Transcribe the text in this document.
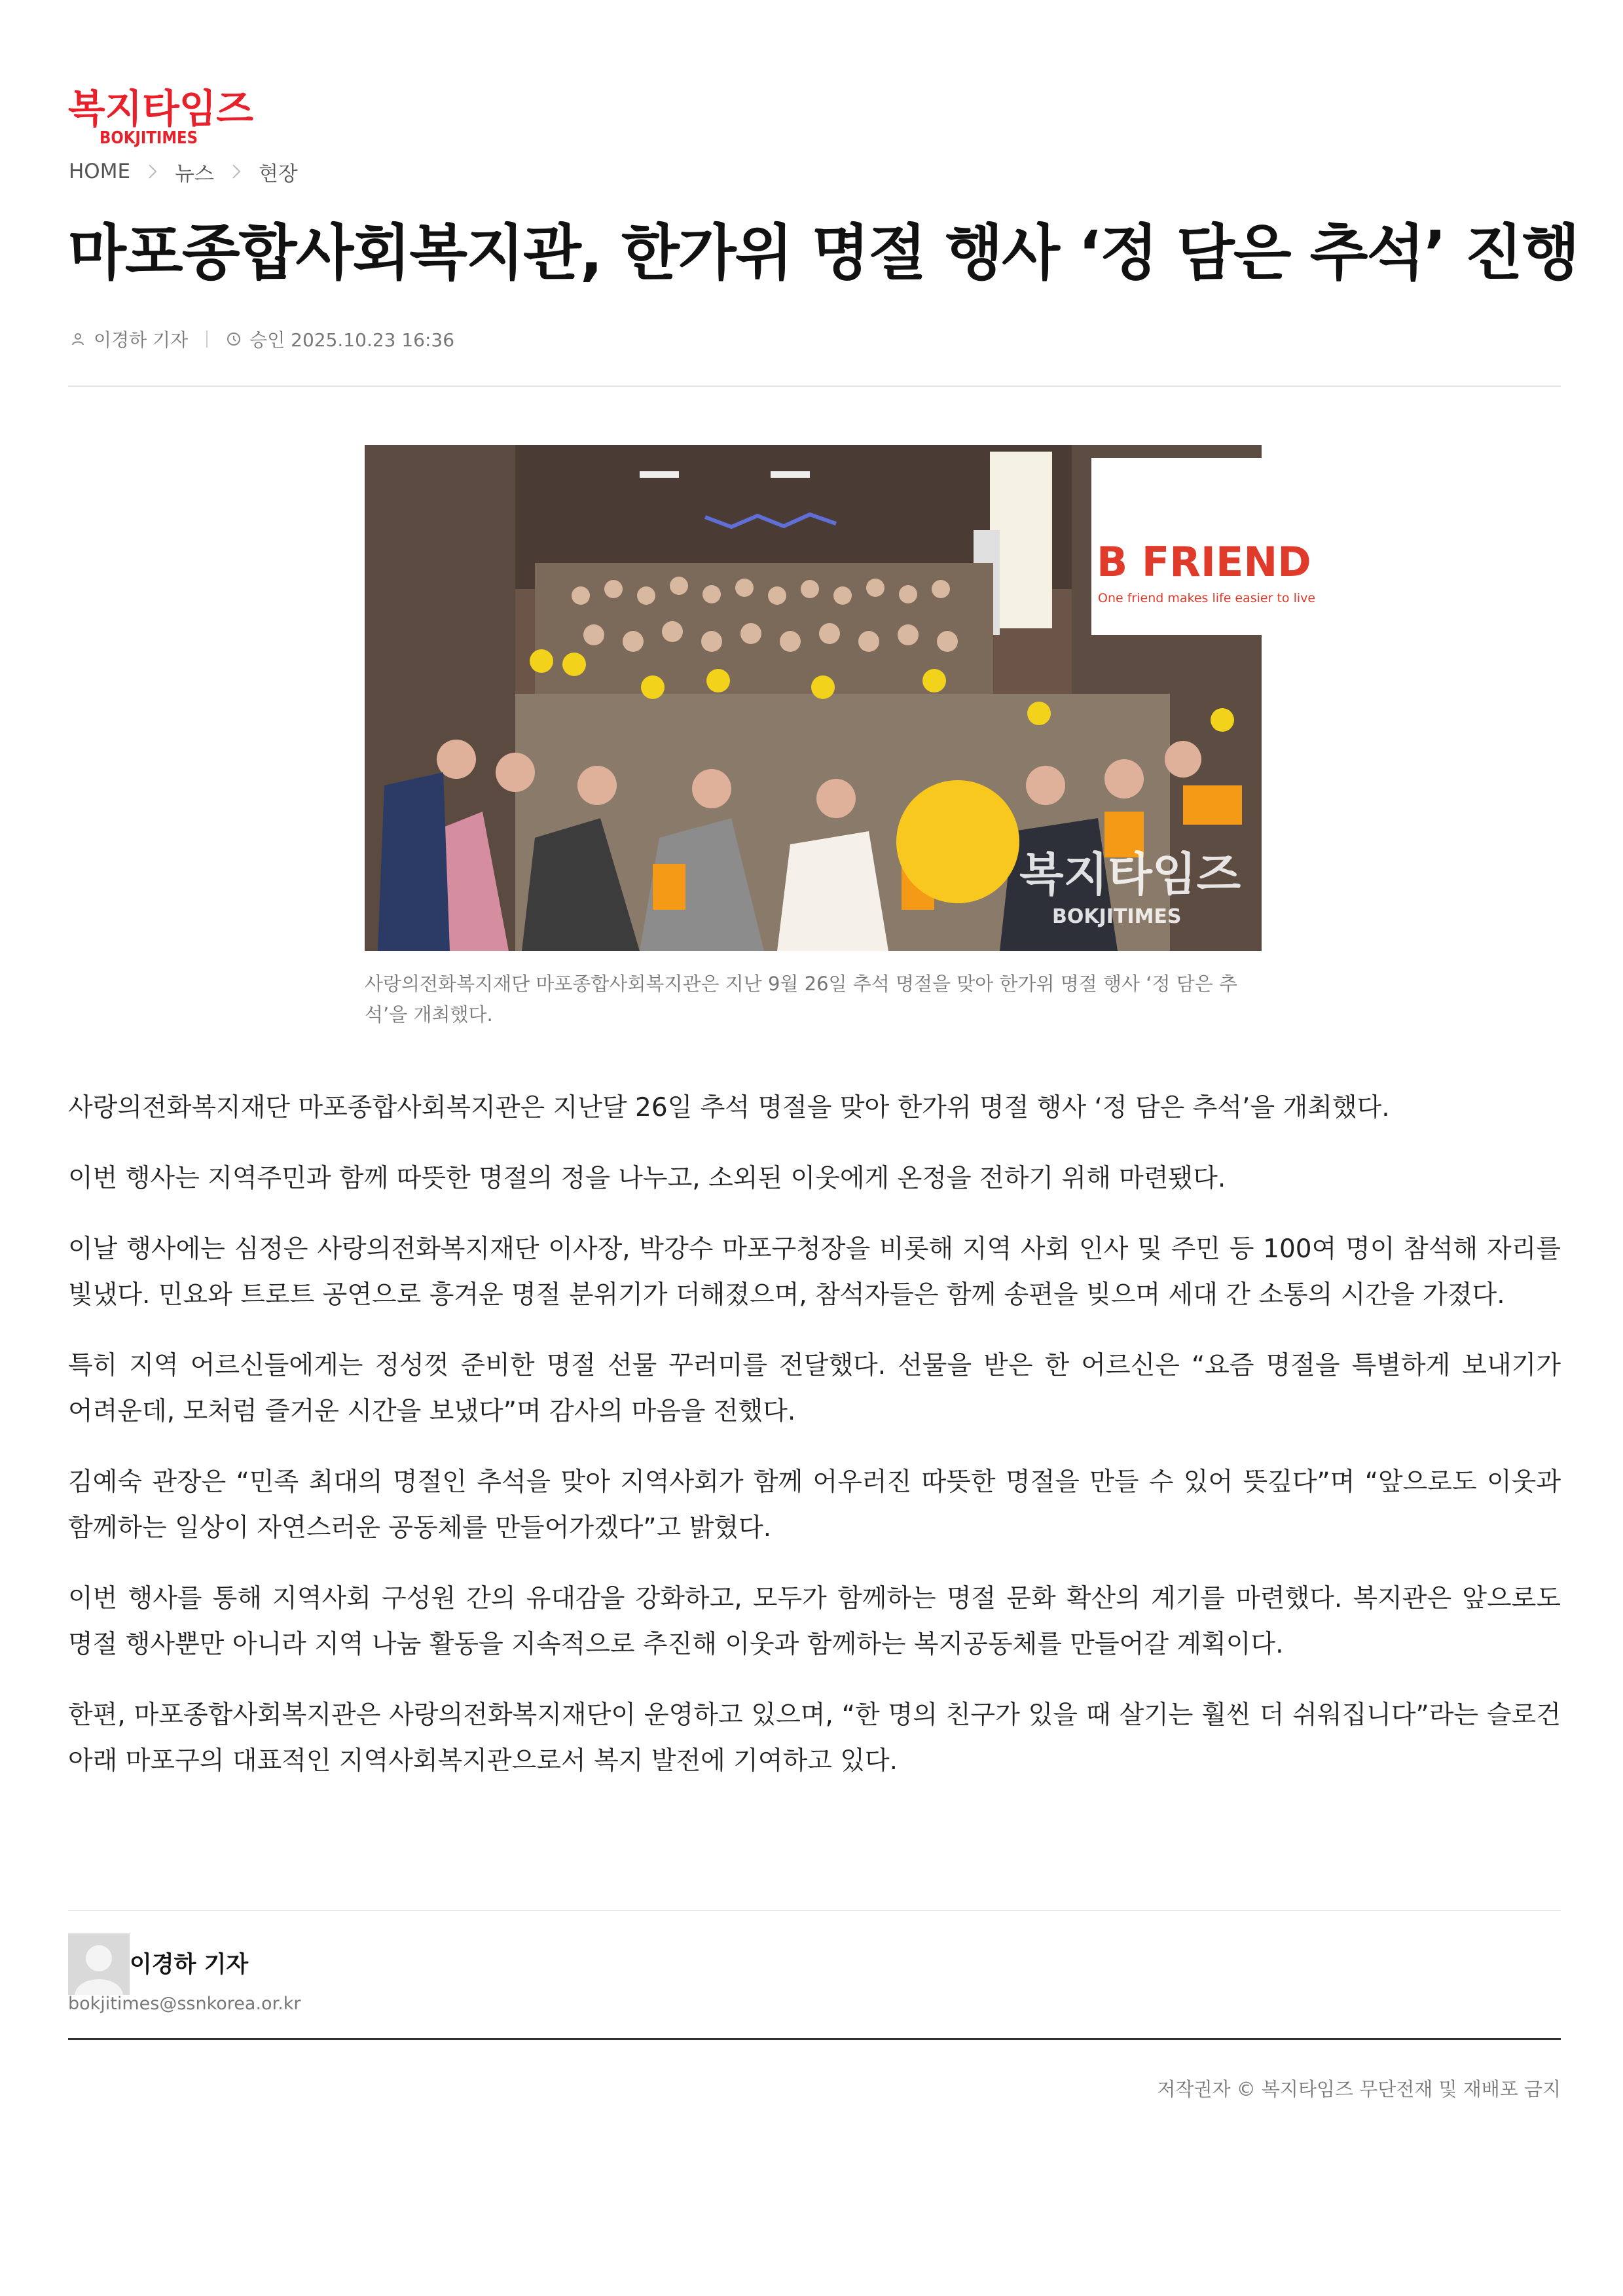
복지타임즈
BOKJITIMES
HOME 뉴스 현장
마포종합사회복지관, 한가위 명절 행사 ‘정 담은 추석’ 진행
이경하 기자	승인 2025.10.23 16:36
B FRIEND
One friend makes life easier to live
복지타임즈
BOKJITIMES
사랑의전화복지재단 마포종합사회복지관은 지난 9월 26일 추석 명절을 맞아 한가위 명절 행사 ‘정 담은 추석’을 개최했다.

사랑의전화복지재단 마포종합사회복지관은 지난달 26일 추석 명절을 맞아 한가위 명절 행사 ‘정 담은 추석’을 개최했다.

이번 행사는 지역주민과 함께 따뜻한 명절의 정을 나누고, 소외된 이웃에게 온정을 전하기 위해 마련됐다.

이날 행사에는 심정은 사랑의전화복지재단 이사장, 박강수 마포구청장을 비롯해 지역 사회 인사 및 주민 등 100여 명이 참석해 자리를 빛냈다. 민요와 트로트 공연으로 흥겨운 명절 분위기가 더해졌으며, 참석자들은 함께 송편을 빚으며 세대 간 소통의 시간을 가졌다.

특히 지역 어르신들에게는 정성껏 준비한 명절 선물 꾸러미를 전달했다. 선물을 받은 한 어르신은 “요즘 명절을 특별하게 보내기가 어려운데, 모처럼 즐거운 시간을 보냈다”며 감사의 마음을 전했다.

김예숙 관장은 “민족 최대의 명절인 추석을 맞아 지역사회가 함께 어우러진 따뜻한 명절을 만들 수 있어 뜻깊다”며 “앞으로도 이웃과 함께하는 일상이 자연스러운 공동체를 만들어가겠다”고 밝혔다.

이번 행사를 통해 지역사회 구성원 간의 유대감을 강화하고, 모두가 함께하는 명절 문화 확산의 계기를 마련했다. 복지관은 앞으로도 명절 행사뿐만 아니라 지역 나눔 활동을 지속적으로 추진해 이웃과 함께하는 복지공동체를 만들어갈 계획이다.

한편, 마포종합사회복지관은 사랑의전화복지재단이 운영하고 있으며, “한 명의 친구가 있을 때 살기는 훨씬 더 쉬워집니다”라는 슬로건 아래 마포구의 대표적인 지역사회복지관으로서 복지 발전에 기여하고 있다.

이경하 기자
bokjitimes@ssnkorea.or.kr
저작권자 © 복지타임즈 무단전재 및 재배포 금지
